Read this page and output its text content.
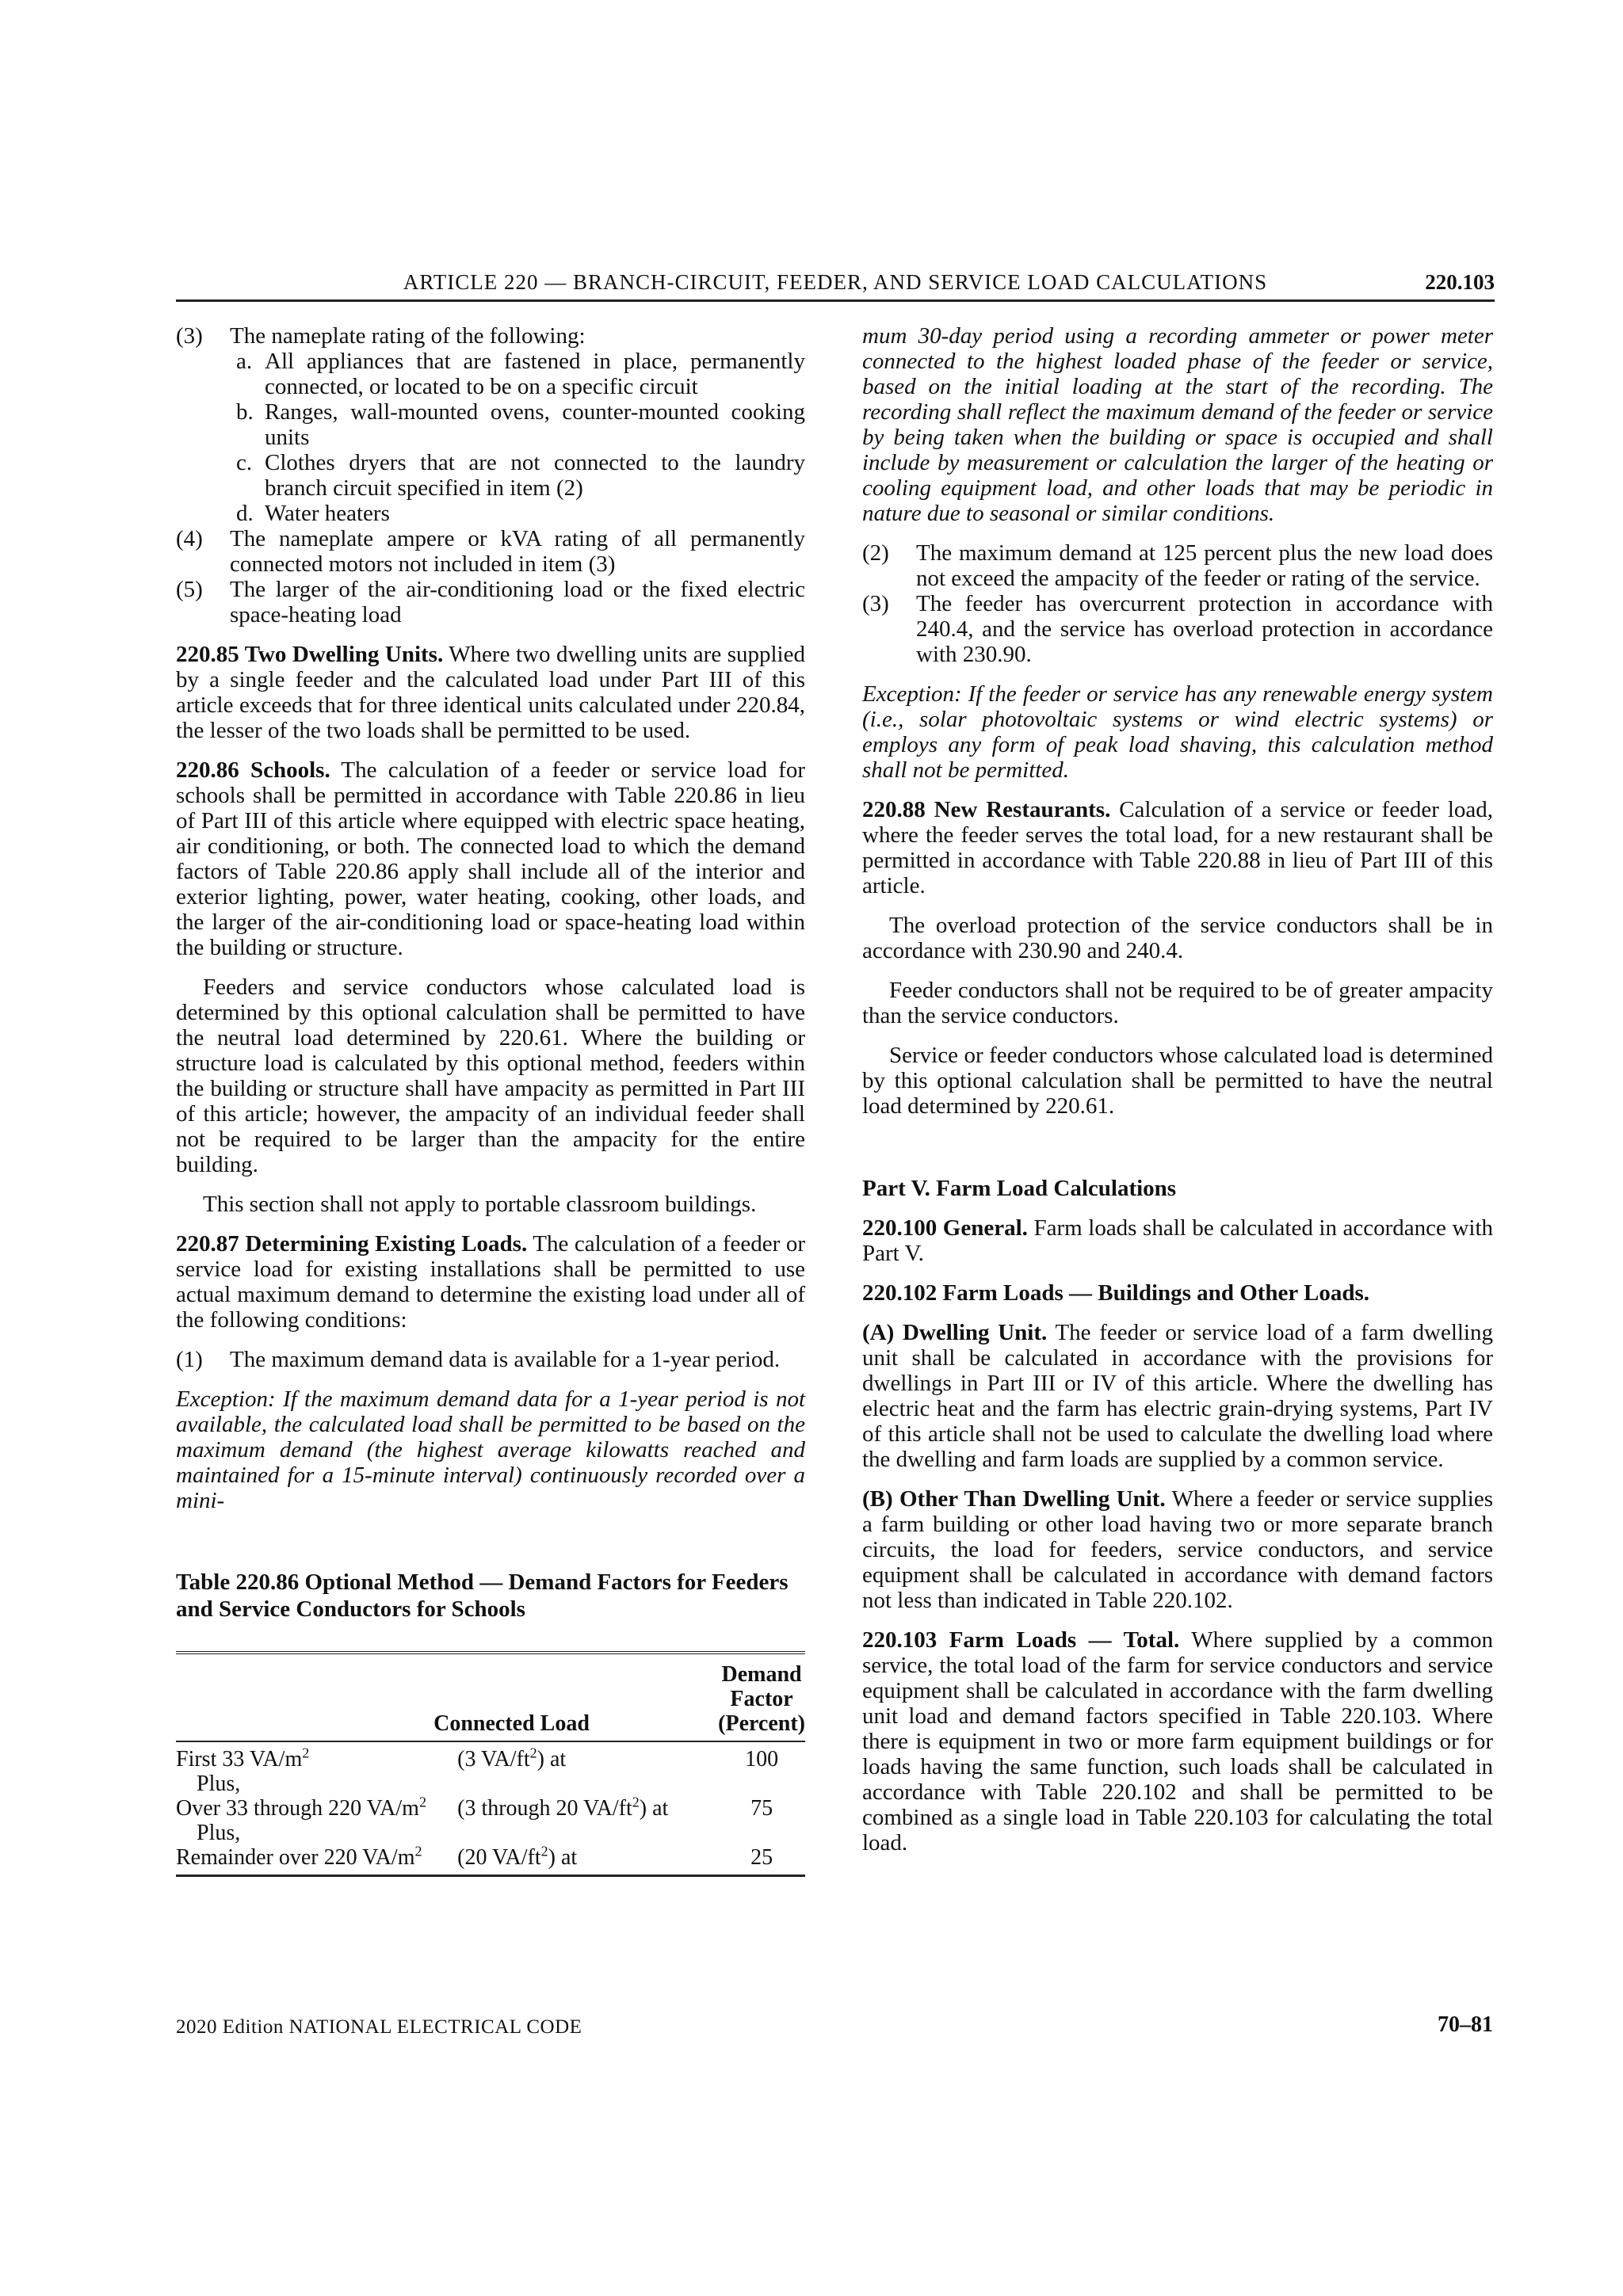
ARTICLE 220 — BRANCH-CIRCUIT, FEEDER, AND SERVICE LOAD CALCULATIONS	220.103
(3)	The nameplate rating of the following:
a. All appliances that are fastened in place, permanently connected, or located to be on a specific circuit
b. Ranges, wall-mounted ovens, counter-mounted cooking units
c. Clothes dryers that are not connected to the laundry branch circuit specified in item (2)
d. Water heaters
(4)	The nameplate ampere or kVA rating of all permanently connected motors not included in item (3)
(5)	The larger of the air-conditioning load or the fixed electric space-heating load

220.85 Two Dwelling Units. Where two dwelling units are supplied by a single feeder and the calculated load under Part III of this article exceeds that for three identical units calculated under 220.84, the lesser of the two loads shall be permitted to be used.

220.86 Schools. The calculation of a feeder or service load for schools shall be permitted in accordance with Table 220.86 in lieu of Part III of this article where equipped with electric space heating, air conditioning, or both. The connected load to which the demand factors of Table 220.86 apply shall include all of the interior and exterior lighting, power, water heating, cooking, other loads, and the larger of the air-conditioning load or space-heating load within the building or structure.

Feeders and service conductors whose calculated load is determined by this optional calculation shall be permitted to have the neutral load determined by 220.61. Where the building or structure load is calculated by this optional method, feeders within the building or structure shall have ampacity as permitted in Part III of this article; however, the ampacity of an individual feeder shall not be required to be larger than the ampacity for the entire building.

This section shall not apply to portable classroom buildings.

220.87 Determining Existing Loads. The calculation of a feeder or service load for existing installations shall be permitted to use actual maximum demand to determine the existing load under all of the following conditions:

(1)	The maximum demand data is available for a 1-year period.
Exception: If the maximum demand data for a 1-year period is not available, the calculated load shall be permitted to be based on the maximum demand (the highest average kilowatts reached and maintained for a 15-minute interval) continuously recorded over a mini-
Table 220.86 Optional Method — Demand Factors for Feeders and Service Conductors for Schools
	Connected Load	Demand Factor (Percent)
First 33 $VA/m^2$	(3 $VA/ft^2$) at	100
Plus,		
Over 33 through 220 $VA/m^2$	(3 through 20 $VA/ft^2$) at	75
Plus,		
Remainder over 220 $VA/m^2$	(20 $VA/ft^2$) at	25
mum 30-day period using a recording ammeter or power meter connected to the highest loaded phase of the feeder or service, based on the initial loading at the start of the recording. The recording shall reflect the maximum demand of the feeder or service by being taken when the building or space is occupied and shall include by measurement or calculation the larger of the heating or cooling equipment load, and other loads that may be periodic in nature due to seasonal or similar conditions.
(2)	The maximum demand at 125 percent plus the new load does not exceed the ampacity of the feeder or rating of the service.
(3)	The feeder has overcurrent protection in accordance with 240.4, and the service has overload protection in accordance with 230.90.
Exception: If the feeder or service has any renewable energy system (i.e., solar photovoltaic systems or wind electric systems) or employs any form of peak load shaving, this calculation method shall not be permitted.

220.88 New Restaurants. Calculation of a service or feeder load, where the feeder serves the total load, for a new restaurant shall be permitted in accordance with Table 220.88 in lieu of Part III of this article.

The overload protection of the service conductors shall be in accordance with 230.90 and 240.4.

Feeder conductors shall not be required to be of greater ampacity than the service conductors.

Service or feeder conductors whose calculated load is determined by this optional calculation shall be permitted to have the neutral load determined by 220.61.

Part V. Farm Load Calculations

220.100 General. Farm loads shall be calculated in accordance with Part V.

220.102 Farm Loads — Buildings and Other Loads.

(A) Dwelling Unit. The feeder or service load of a farm dwelling unit shall be calculated in accordance with the provisions for dwellings in Part III or IV of this article. Where the dwelling has electric heat and the farm has electric grain-drying systems, Part IV of this article shall not be used to calculate the dwelling load where the dwelling and farm loads are supplied by a common service.

(B) Other Than Dwelling Unit. Where a feeder or service supplies a farm building or other load having two or more separate branch circuits, the load for feeders, service conductors, and service equipment shall be calculated in accordance with demand factors not less than indicated in Table 220.102.

220.103 Farm Loads — Total. Where supplied by a common service, the total load of the farm for service conductors and service equipment shall be calculated in accordance with the farm dwelling unit load and demand factors specified in Table 220.103. Where there is equipment in two or more farm equipment buildings or for loads having the same function, such loads shall be calculated in accordance with Table 220.102 and shall be permitted to be combined as a single load in Table 220.103 for calculating the total load.

2020 Edition NATIONAL ELECTRICAL CODE	70–81
